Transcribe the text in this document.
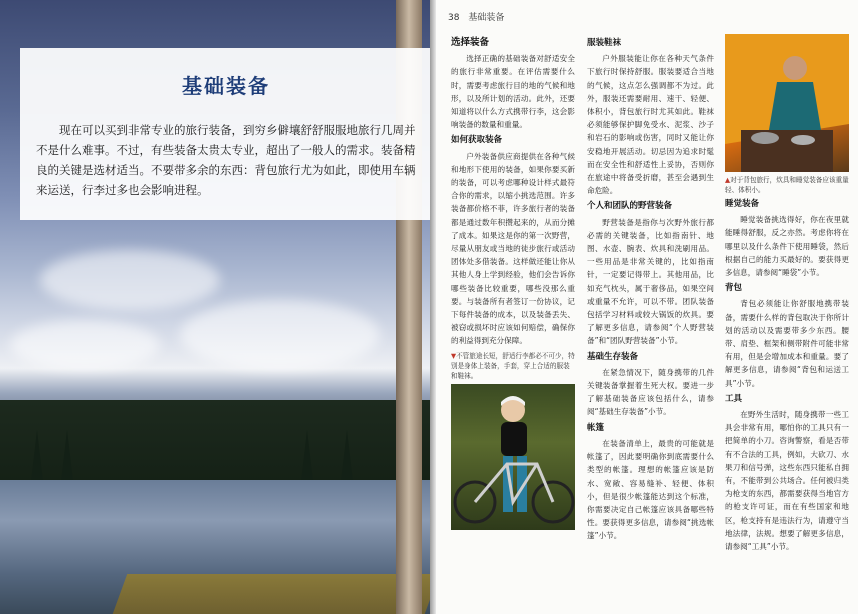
基础装备
现在可以买到非常专业的旅行装备，到穷乡僻壤舒舒服服地旅行几周并不是什么难事。不过，有些装备太贵太专业，超出了一般人的需求。装备精良的关键是选材适当。不要带多余的东西：背包旅行尤为如此，即使用车辆来运送，行李过多也会影响进程。
38 基础装备
选择装备

选择正确的基础装备对舒适安全的旅行非常重要。在评估需要什么时，需要考虑旅行目的地的气候和地形，以及所计划的活动。此外，还要知道将以什么方式携带行李，这会影响装备的数量和重量。

如何获取装备

户外装备供应商提供在各种气候和地形下使用的装备，如果你要买新的装备，可以考虑哪种设计样式最符合你的需求，以缩小挑选范围。许多装备都价格不菲，许多旅行者的装备都是通过数年积攒起来的，从而分摊了成本。如果这是你的第一次野营，尽量从朋友或当地的徒步旅行或活动团体处多借装备。这样做还能让你从其他人身上学到经验，他们会告诉你哪些装备比较重要，哪些没那么重要。与装备所有者签订一份协议，记下每件装备的成本，以及装备丢失、被窃或损坏时应该如何赔偿，确保你的利益得到充分保障。

▼不管旅途长短，舒适行李都必不可少，特别是身体上装备，手套，穿上合适的服装和鞋袜。
服装鞋袜

户外服装能让你在各种天气条件下旅行时保持舒服。服装要适合当地的气候，这点怎么强调都不为过。此外，服装还需要耐用、速干、轻便、体积小，背包旅行时尤其如此。鞋袜必须能够保护脚免受水、泥浆、沙子和岩石的影响或伤害，同时又能让你安稳地开展活动。切忌因为追求时髦而在安全性和舒适性上妥协，否则你在旅途中将备受折磨，甚至会遇到生命危险。

个人和团队的野营装备

野营装备是指你与次野外旅行都必需的关键装备，比如指南针、地图、水壶、腕表、炊具和洗刷用品。一些用品是非常关键的，比如指南针，一定要记得带上。其他用品，比如充气枕头，属于奢侈品，如果空间或重量不允许，可以不带。团队装备包括学习材料或较大锅饭的炊具。要了解更多信息，请参阅“个人野营装备”和“团队野营装备”小节。

基础生存装备

在紧急情况下，随身携带的几件关键装备掌握着生死大权。要进一步了解基础装备应该包括什么，请参阅“基础生存装备”小节。

帐篷

在装备清单上，最贵的可能就是帐篷了，因此要明确你到底需要什么类型的帐篷。理想的帐篷应该是防水、宽敞、容易缝补、轻便、体积小，但是很少帐篷能达到这个标准，你需要决定自己帐篷应该具备哪些特性。要获得更多信息，请参阅“挑选帐篷”小节。

▲对于背包旅行，炊具和睡觉装备应该重量轻、体积小。
睡觉装备

睡觉装备挑选得好，你在夜里就能睡得舒服，反之亦然。考虑你将在哪里以及什么条件下使用睡袋，然后根据自己的能力买最好的。要获得更多信息，请参阅“睡袋”小节。

背包

背包必须能让你舒服地携带装备，需要什么样的背包取决于你所计划的活动以及需要带多少东西。腰带、肩垫、框架和侧带附件可能非常有用，但是会增加成本和重量。要了解更多信息，请参阅“背包和运送工具”小节。

工具

在野外生活时，随身携带一些工具会非常有用，哪怕你的工具只有一把简单的小刀。咨询警察，看是否带有不合法的工具，例如，大砍刀、水果刀和信号弹，这些东西只能私自拥有，不能带到公共场合。任何被归类为枪支的东西，都需要获得当地官方的枪支许可证，而在有些国家和地区，枪支持有是违法行为，请遵守当地法律，法规。想要了解更多信息，请参阅“工具”小节。
